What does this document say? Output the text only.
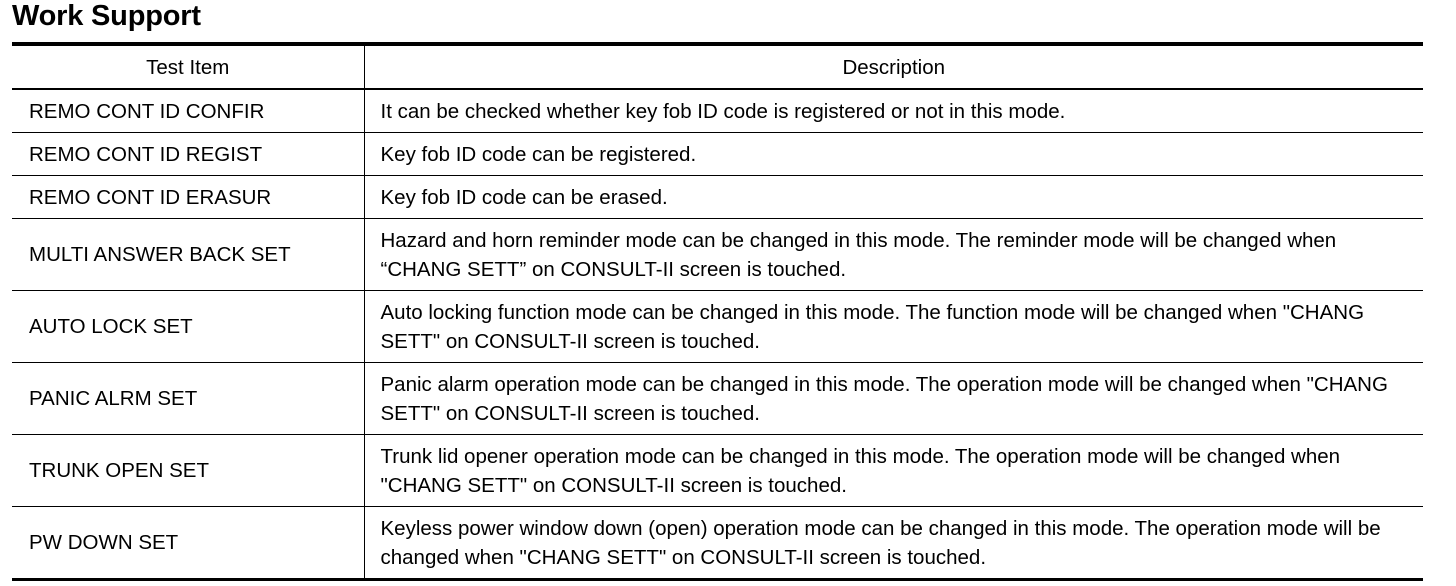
Work Support
Test Item	Description
REMO CONT ID CONFIR	It can be checked whether key fob ID code is registered or not in this mode.
REMO CONT ID REGIST	Key fob ID code can be registered.
REMO CONT ID ERASUR	Key fob ID code can be erased.
MULTI ANSWER BACK SET	Hazard and horn reminder mode can be changed in this mode. The reminder mode will be changed when “CHANG SETT” on CONSULT-II screen is touched.
AUTO LOCK SET	Auto locking function mode can be changed in this mode. The function mode will be changed when "CHANG SETT" on CONSULT-II screen is touched.
PANIC ALRM SET	Panic alarm operation mode can be changed in this mode. The operation mode will be changed when "CHANG SETT" on CONSULT-II screen is touched.
TRUNK OPEN SET	Trunk lid opener operation mode can be changed in this mode. The operation mode will be changed when "CHANG SETT" on CONSULT-II screen is touched.
PW DOWN SET	Keyless power window down (open) operation mode can be changed in this mode. The operation mode will be changed when "CHANG SETT" on CONSULT-II screen is touched.
